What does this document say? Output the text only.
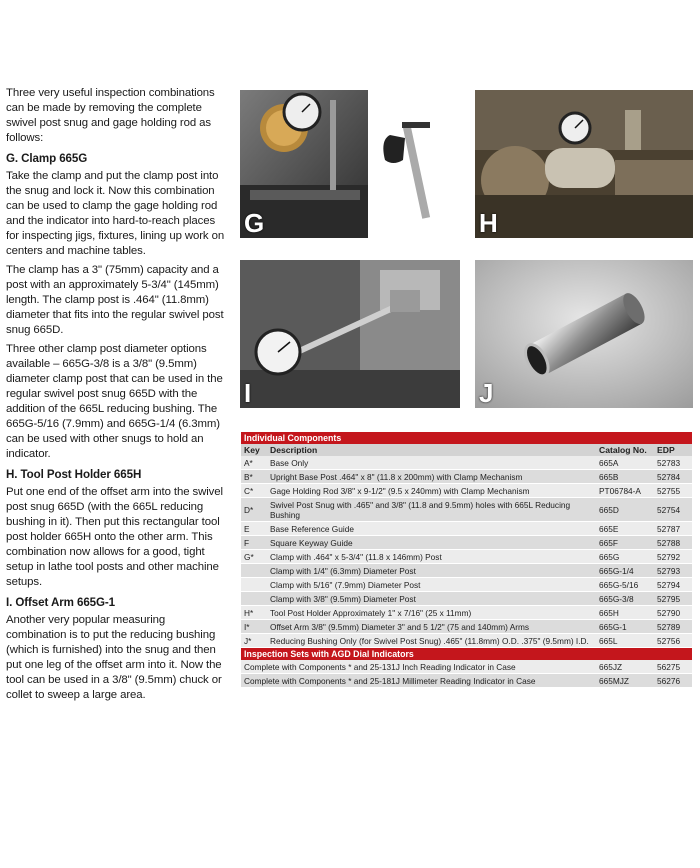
Three very useful inspection combinations can be made by removing the complete swivel post snug and gage holding rod as follows:

G. Clamp 665G

Take the clamp and put the clamp post into the snug and lock it. Now this combination can be used to clamp the gage holding rod and the indicator into hard-to-reach places for inspecting jigs, fixtures, lining up work on centers and machine tables.

The clamp has a 3" (75mm) capacity and a post with an approximately 5-3/4" (145mm) length. The clamp post is .464" (11.8mm) diameter that fits into the regular swivel post snug 665D.

Three other clamp post diameter options available – 665G-3/8 is a 3/8" (9.5mm) diameter clamp post that can be used in the regular swivel post snug 665D with the addition of the 665L reducing bushing. The 665G-5/16 (7.9mm) and 665G-1/4 (6.3mm) can be used with other snugs to hold an indicator.

H. Tool Post Holder 665H

Put one end of the offset arm into the swivel post snug 665D (with the 665L reducing bushing in it). Then put this rectangular tool post holder 665H onto the other arm. This combination now allows for a good, tight setup in lathe tool posts and other machine setups.

I. Offset Arm 665G-1

Another very popular measuring combination is to put the reducing bushing (which is furnished) into the snug and then put one leg of the offset arm into it. Now the tool can be used in a 3/8" (9.5mm) chuck or collet to sweep a large area.

G	H
I	J
Individual Components			
Key	Description	Catalog No.	EDP
A*	Base Only	665A	52783
B*	Upright Base Post .464" x 8" (11.8 x 200mm) with Clamp Mechanism	665B	52784
C*	Gage Holding Rod 3/8" x 9-1/2" (9.5 x 240mm) with Clamp Mechanism	PT06784-A	52755
D*	Swivel Post Snug with .465" and 3/8" (11.8 and 9.5mm) holes with 665L Reducing Bushing	665D	52754
E	Base Reference Guide	665E	52787
F	Square Keyway Guide	665F	52788
G*	Clamp with .464" x 5-3/4" (11.8 x 146mm) Post	665G	52792
	Clamp with 1/4" (6.3mm) Diameter Post	665G-1/4	52793
	Clamp with 5/16" (7.9mm) Diameter Post	665G-5/16	52794
	Clamp with 3/8" (9.5mm) Diameter Post	665G-3/8	52795
H*	Tool Post Holder Approximately 1" x 7/16" (25 x 11mm)	665H	52790
I*	Offset Arm 3/8" (9.5mm) Diameter 3" and 5 1/2" (75 and 140mm) Arms	665G-1	52789
J*	Reducing Bushing Only (for Swivel Post Snug) .465" (11.8mm) O.D. .375" (9.5mm) I.D.	665L	52756
Inspection Sets with AGD Dial Indicators			
Complete with Components * and 25-131J Inch Reading Indicator in Case		665JZ	56275
Complete with Components * and 25-181J Millimeter Reading Indicator in Case		665MJZ	56276
